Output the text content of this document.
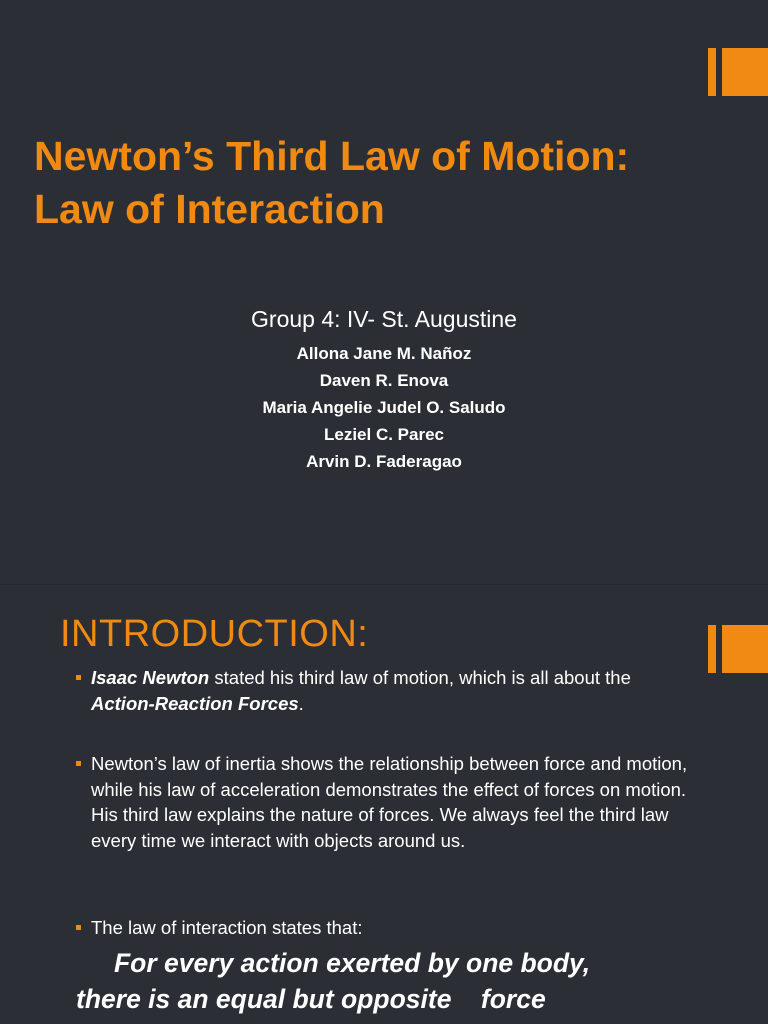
Newton’s Third Law of Motion:
Law of Interaction
Group 4: IV- St. Augustine
Allona Jane M. Nañoz
Daven R. Enova
Maria Angelie Judel O. Saludo
Leziel C. Parec
Arvin D. Faderagao
INTRODUCTION:
Isaac Newton stated his third law of motion, which is all about the Action-Reaction Forces.
Newton’s law of inertia shows the relationship between force and motion, while his law of acceleration demonstrates the effect of forces on motion. His third law explains the nature of forces. We always feel the third law every time we interact with objects around us.
The law of interaction states that:
For every action exerted by one body,
there is an equal but opposite    force
